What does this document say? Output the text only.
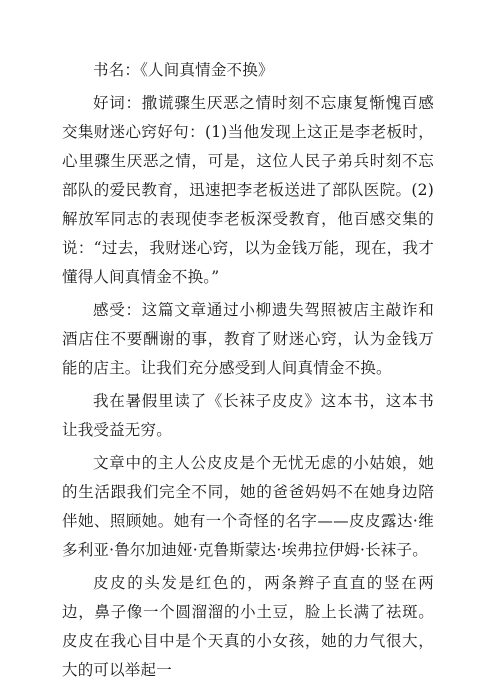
书名：《人间真情金不换》

好词：撒谎骤生厌恶之情时刻不忘康复惭愧百感交集财迷心窍好句：(1)当他发现上这正是李老板时，心里骤生厌恶之情，可是，这位人民子弟兵时刻不忘部队的爱民教育，迅速把李老板送进了部队医院。(2)解放军同志的表现使李老板深受教育，他百感交集的说：“过去，我财迷心窍，以为金钱万能，现在，我才懂得人间真情金不换。”

感受：这篇文章通过小柳遗失驾照被店主敲诈和酒店住不要酬谢的事，教育了财迷心窍，认为金钱万能的店主。让我们充分感受到人间真情金不换。

我在暑假里读了《长袜子皮皮》这本书，这本书让我受益无穷。

文章中的主人公皮皮是个无忧无虑的小姑娘，她的生活跟我们完全不同，她的爸爸妈妈不在她身边陪伴她、照顾她。她有一个奇怪的名字——皮皮露达·维多利亚·鲁尔加迪娅·克鲁斯蒙达·埃弗拉伊姆·长袜子。

皮皮的头发是红色的，两条辫子直直的竖在两边，鼻子像一个圆溜溜的小土豆，脸上长满了祛斑。皮皮在我心目中是个天真的小女孩，她的力气很大，大的可以举起一
